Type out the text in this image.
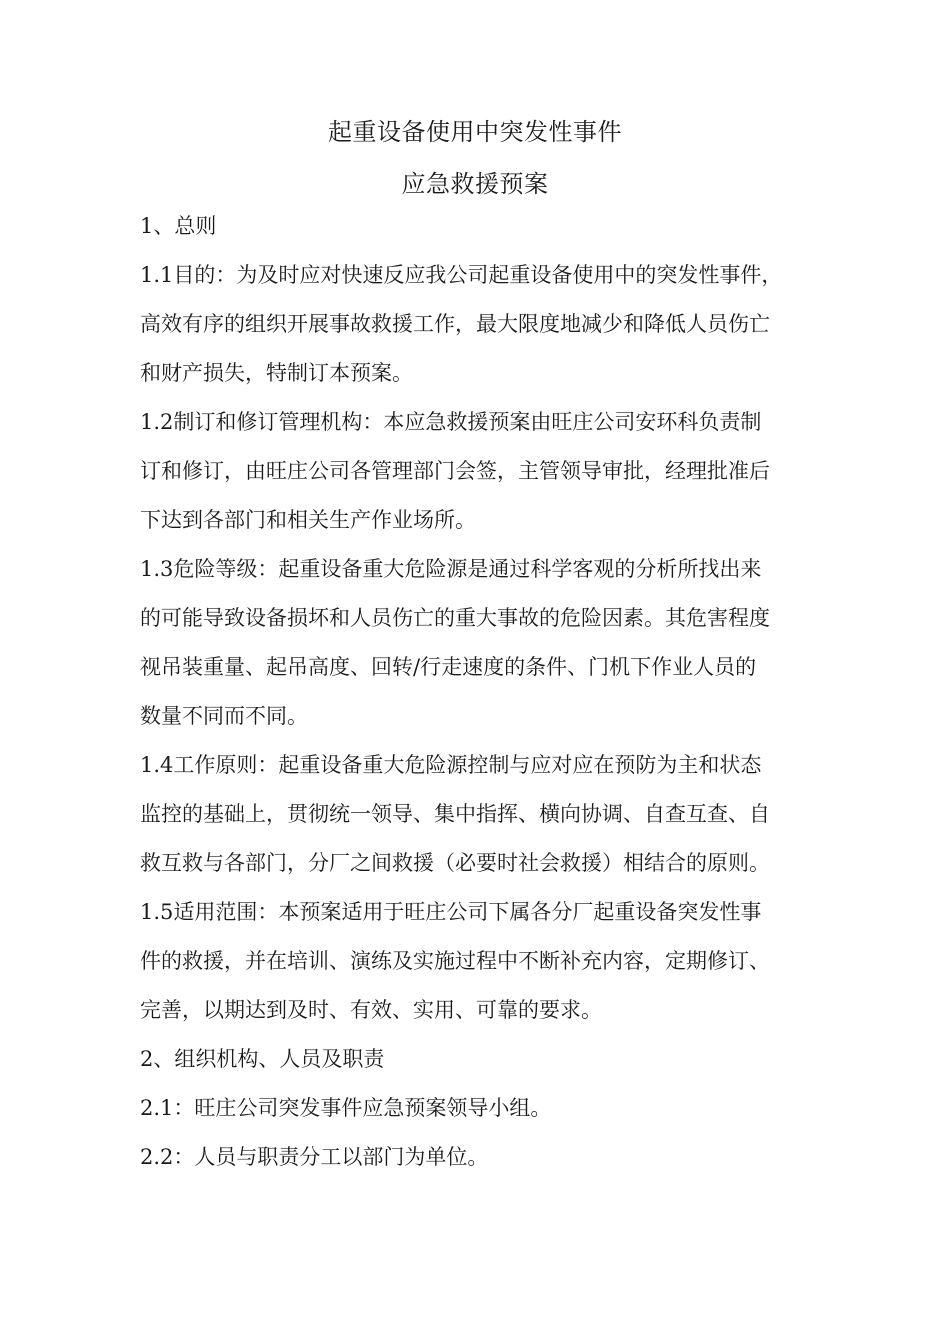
起重设备使用中突发性事件
应急救援预案
1、总则
1.1目的：为及时应对快速反应我公司起重设备使用中的突发性事件，
高效有序的组织开展事故救援工作，最大限度地减少和降低人员伤亡
和财产损失，特制订本预案。
1.2制订和修订管理机构：本应急救援预案由旺庄公司安环科负责制
订和修订，由旺庄公司各管理部门会签，主管领导审批，经理批准后
下达到各部门和相关生产作业场所。
1.3危险等级：起重设备重大危险源是通过科学客观的分析所找出来
的可能导致设备损坏和人员伤亡的重大事故的危险因素。其危害程度
视吊装重量、起吊高度、回转/行走速度的条件、门机下作业人员的
数量不同而不同。
1.4工作原则：起重设备重大危险源控制与应对应在预防为主和状态
监控的基础上，贯彻统一领导、集中指挥、横向协调、自查互查、自
救互救与各部门，分厂之间救援（必要时社会救援）相结合的原则。
1.5适用范围：本预案适用于旺庄公司下属各分厂起重设备突发性事
件的救援，并在培训、演练及实施过程中不断补充内容，定期修订、
完善，以期达到及时、有效、实用、可靠的要求。
2、组织机构、人员及职责
2.1：旺庄公司突发事件应急预案领导小组。
2.2：人员与职责分工以部门为单位。
